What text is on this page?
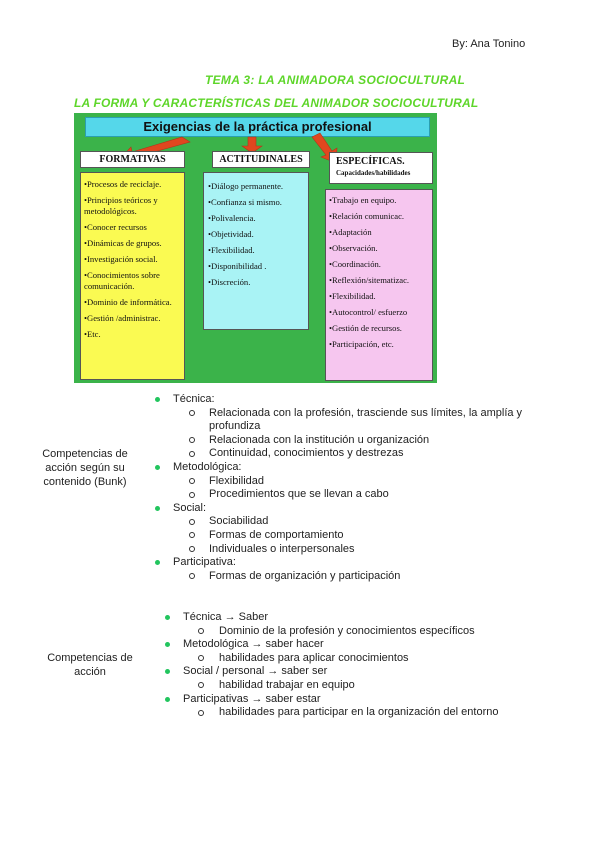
By: Ana Tonino
TEMA 3: LA ANIMADORA SOCIOCULTURAL
LA FORMA Y CARACTERÍSTICAS DEL ANIMADOR SOCIOCULTURAL
Exigencias de la práctica profesional
FORMATIVAS
•Procesos de reciclaje.
•Principios teóricos y metodológicos.
•Conocer recursos
•Dinámicas de grupos.
•Investigación social.
•Conocimientos sobre comunicación.
•Dominio de informática.
•Gestión /administrac.
•Etc.
ACTITUDINALES
•Diálogo permanente.
•Confianza si mismo.
•Polivalencia.
•Objetividad.
•Flexibilidad.
•Disponibilidad .
•Discreción.
ESPECÍFICAS.
Capacidades/habilidades
•Trabajo en equipo.
•Relación comunicac.
•Adaptación
•Observación.
•Coordinación.
•Reflexión/sitematizac.
•Flexibilidad.
•Autocontrol/ esfuerzo
•Gestión de recursos.
•Participación, etc.
Competencias de acción según su contenido (Bunk)
Técnica:
Relacionada con la profesión, trasciende sus límites, la amplía y profundiza
Relacionada con la institución u organización
Continuidad, conocimientos y destrezas
Metodológica:
Flexibilidad
Procedimientos que se llevan a cabo
Social:
Sociabilidad
Formas de comportamiento
Individuales o interpersonales
Participativa:
Formas de organización y participación
Competencias de acción
Técnica → Saber
Dominio de la profesión y conocimientos específicos
Metodológica → saber hacer
habilidades para aplicar conocimientos
Social / personal → saber ser
habilidad trabajar en equipo
Participativas → saber estar
habilidades para participar en la organización del entorno
